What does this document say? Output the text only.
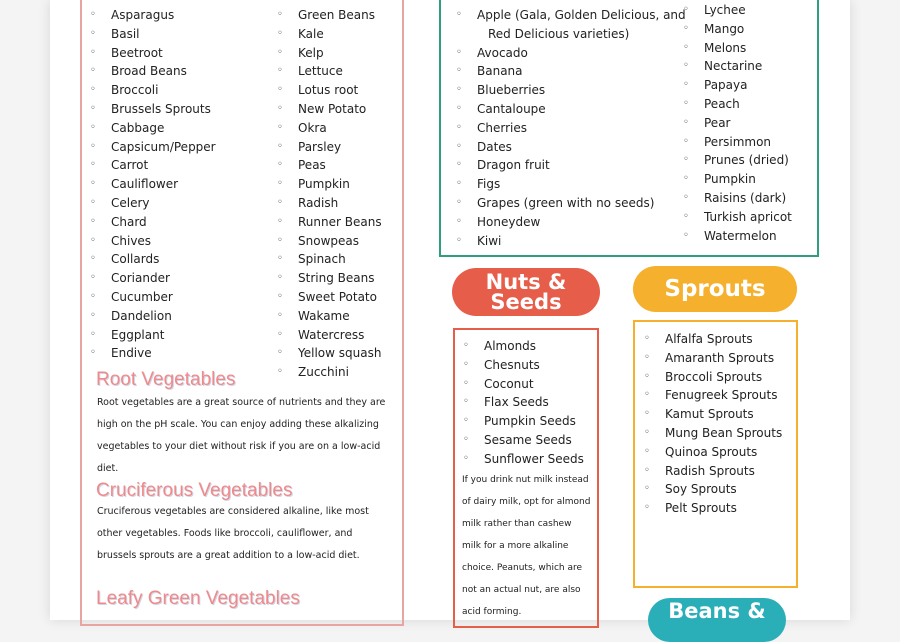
◦ Asparagus
◦ Basil
◦ Beetroot
◦ Broad Beans
◦ Broccoli
◦ Brussels Sprouts
◦ Cabbage
◦ Capsicum/Pepper
◦ Carrot
◦ Cauliflower
◦ Celery
◦ Chard
◦ Chives
◦ Collards
◦ Coriander
◦ Cucumber
◦ Dandelion
◦ Eggplant
◦ Endive
◦ Green Beans
◦ Kale
◦ Kelp
◦ Lettuce
◦ Lotus root
◦ New Potato
◦ Okra
◦ Parsley
◦ Peas
◦ Pumpkin
◦ Radish
◦ Runner Beans
◦ Snowpeas
◦ Spinach
◦ String Beans
◦ Sweet Potato
◦ Wakame
◦ Watercress
◦ Yellow squash
◦ Zucchini
Root Vegetables
Root vegetables are a great source of nutrients and they are high on the pH scale. You can enjoy adding these alkalizing vegetables to your diet without risk if you are on a low-acid diet.
Cruciferous Vegetables
Cruciferous vegetables are considered alkaline, like most other vegetables. Foods like broccoli, cauliflower, and brussels sprouts are a great addition to a low-acid diet.
Leafy Green Vegetables
◦ Apple (Gala, Golden Delicious, and
Red Delicious varieties)
◦ Avocado
◦ Banana
◦ Blueberries
◦ Cantaloupe
◦ Cherries
◦ Dates
◦ Dragon fruit
◦ Figs
◦ Grapes (green with no seeds)
◦ Honeydew
◦ Kiwi
◦ Lychee
◦ Mango
◦ Melons
◦ Nectarine
◦ Papaya
◦ Peach
◦ Pear
◦ Persimmon
◦ Prunes (dried)
◦ Pumpkin
◦ Raisins (dark)
◦ Turkish apricot
◦ Watermelon
Nuts & Seeds	Sprouts
◦ Almonds
◦ Chesnuts
◦ Coconut
◦ Flax Seeds
◦ Pumpkin Seeds
◦ Sesame Seeds
◦ Sunflower Seeds
If you drink nut milk instead of dairy milk, opt for almond milk rather than cashew milk for a more alkaline choice. Peanuts, which are not an actual nut, are also acid forming.
◦ Alfalfa Sprouts
◦ Amaranth Sprouts
◦ Broccoli Sprouts
◦ Fenugreek Sprouts
◦ Kamut Sprouts
◦ Mung Bean Sprouts
◦ Quinoa Sprouts
◦ Radish Sprouts
◦ Soy Sprouts
◦ Pelt Sprouts
Beans &
